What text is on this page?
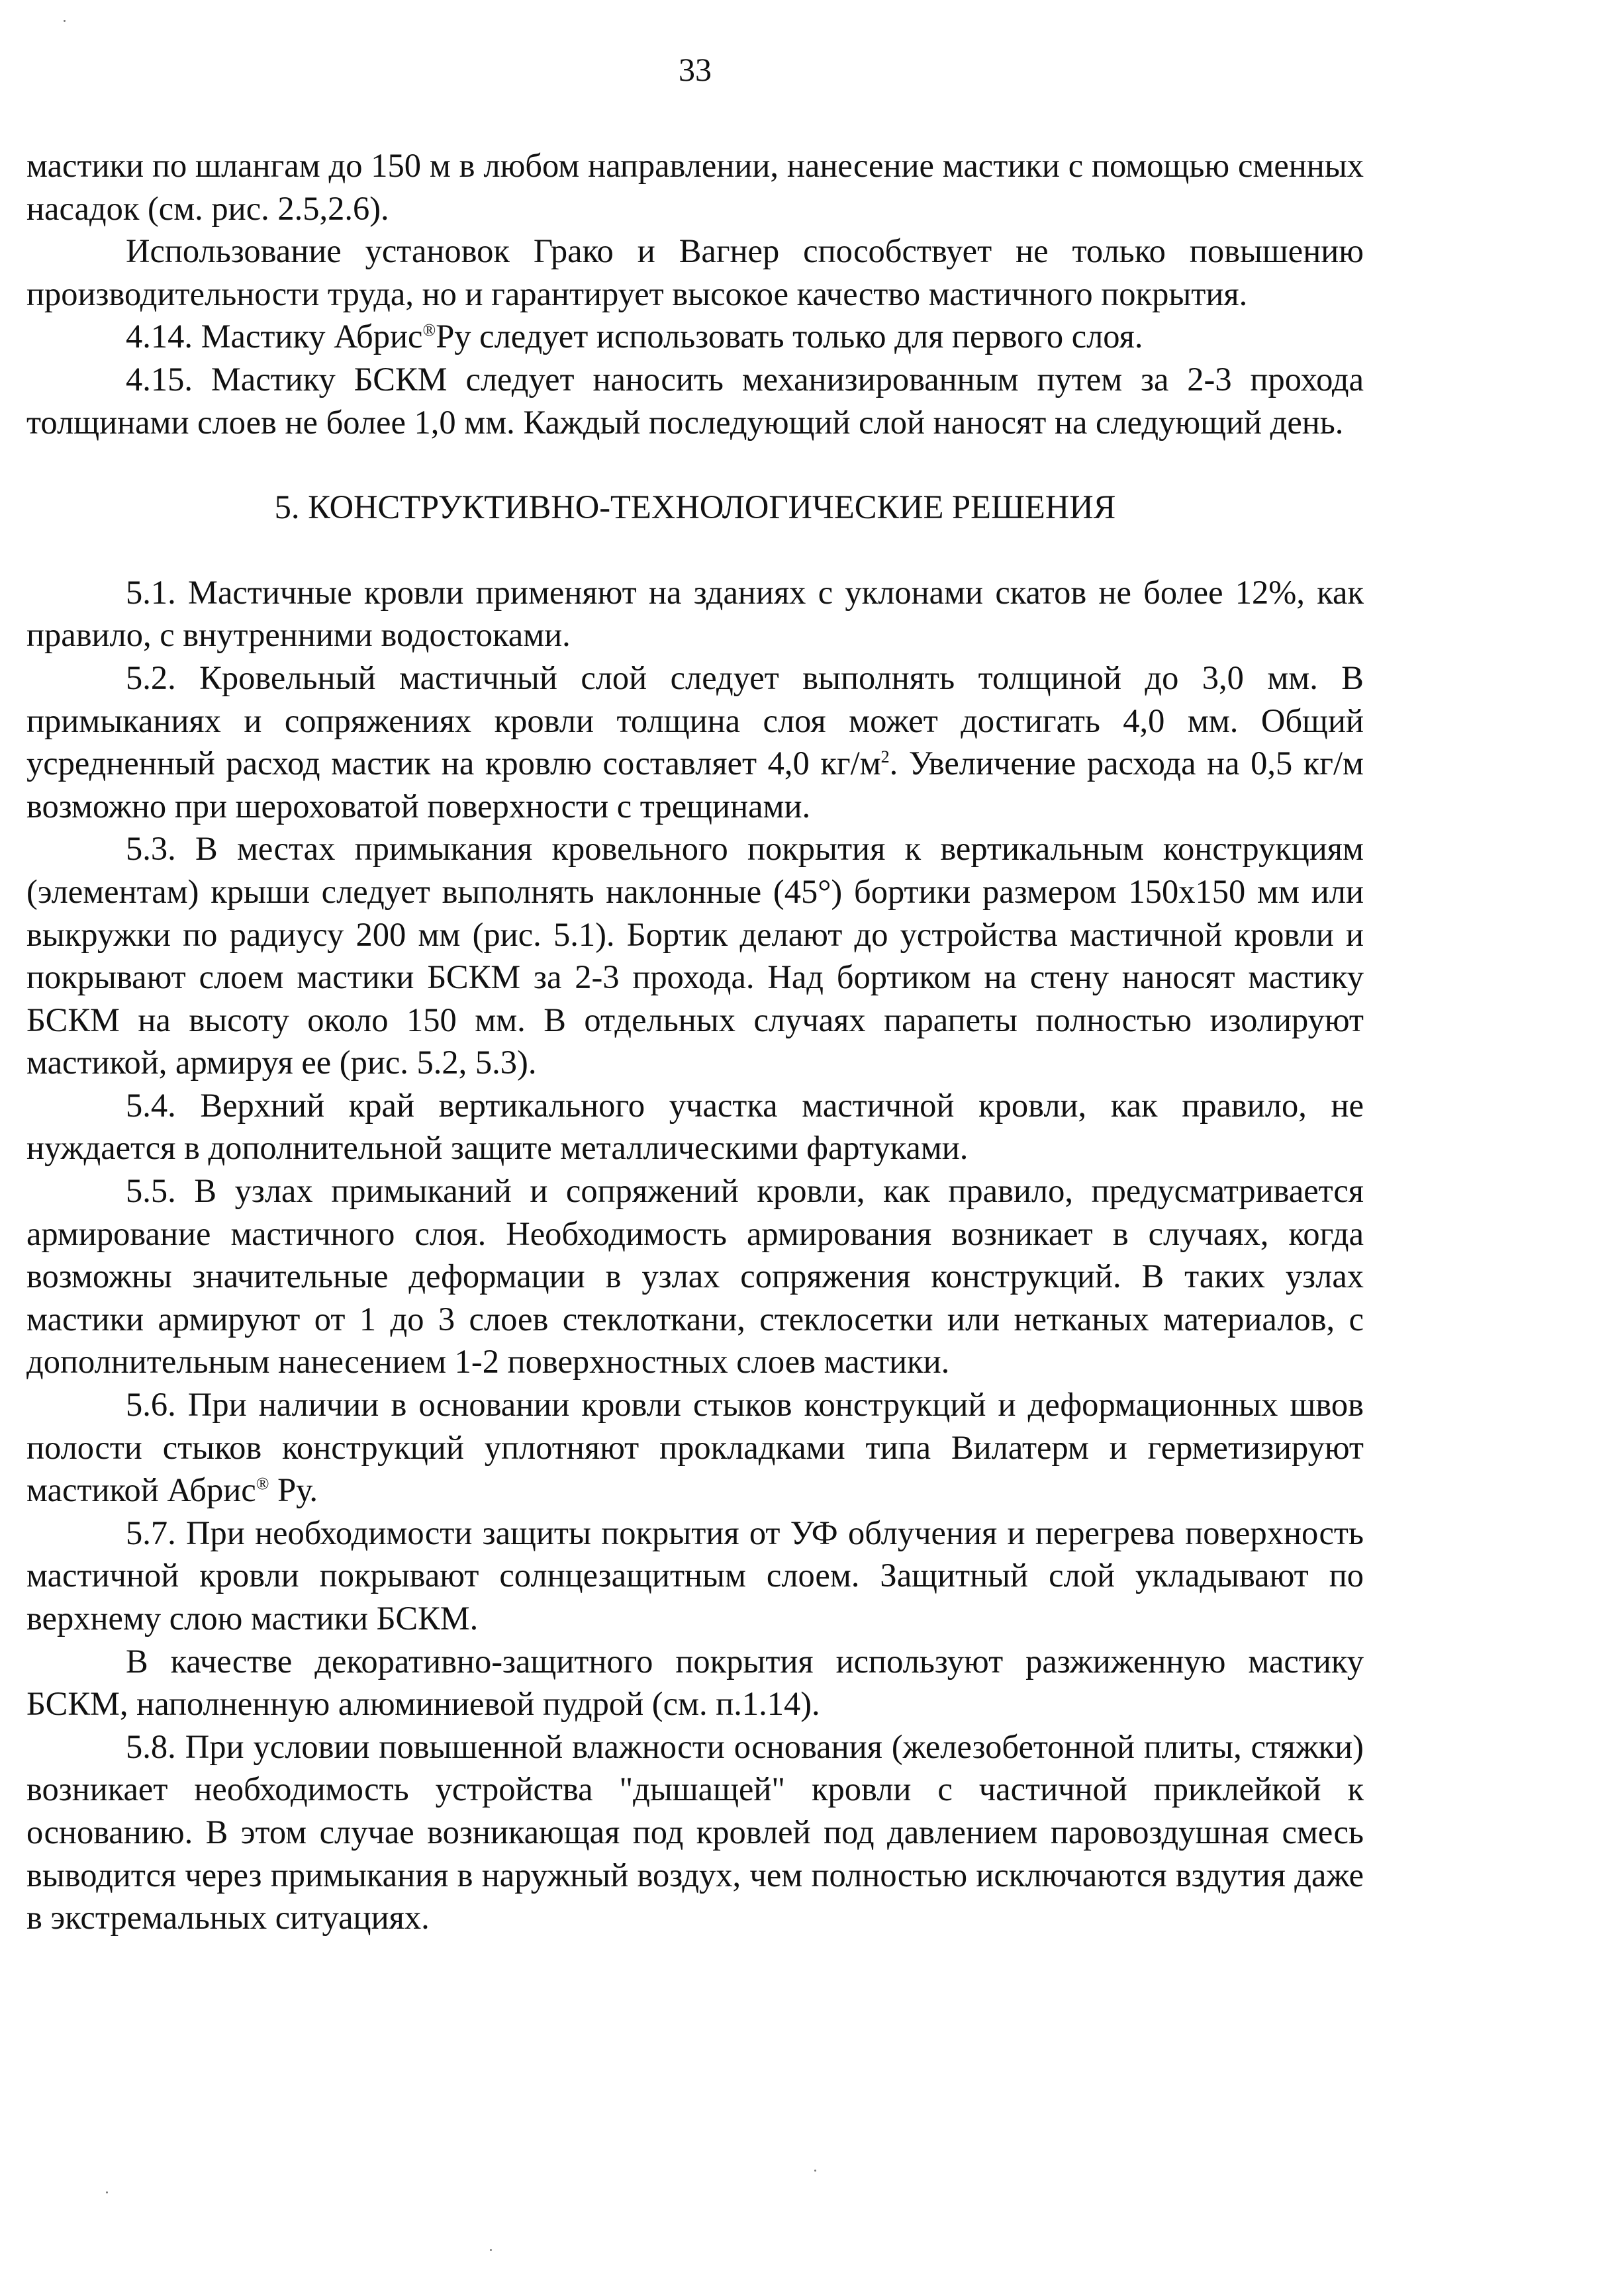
33

мастики по шлангам до 150 м в любом направлении, нанесение мастики с помощью сменных насадок (см. рис. 2.5,2.6).

Использование установок Грако и Вагнер способствует не только повышению производительности труда, но и гарантирует высокое качество мастичного покрытия.

4.14. Мастику Абрис®Ру следует использовать только для первого слоя.

4.15. Мастику БСКМ следует наносить механизированным путем за 2-3 прохода толщинами слоев не более 1,0 мм. Каждый последующий слой наносят на следующий день.

5. КОНСТРУКТИВНО-ТЕХНОЛОГИЧЕСКИЕ РЕШЕНИЯ

5.1. Мастичные кровли применяют на зданиях с уклонами скатов не более 12%, как правило, с внутренними водостоками.

5.2. Кровельный мастичный слой следует выполнять толщиной до 3,0 мм. В примыканиях и сопряжениях кровли толщина слоя может достигать 4,0 мм. Общий усредненный расход мастик на кровлю составляет 4,0 $кг/м^2$. Увеличение расхода на 0,5 кг/м возможно при шероховатой поверхности с трещинами.

5.3. В местах примыкания кровельного покрытия к вертикальным конструкциям (элементам) крыши следует выполнять наклонные (45°) бортики размером 150х150 мм или выкружки по радиусу 200 мм (рис. 5.1). Бортик делают до устройства мастичной кровли и покрывают слоем мастики БСКМ за 2-3 прохода. Над бортиком на стену наносят мастику БСКМ на высоту около 150 мм. В отдельных случаях парапеты полностью изолируют мастикой, армируя ее (рис. 5.2, 5.3).

5.4. Верхний край вертикального участка мастичной кровли, как правило, не нуждается в дополнительной защите металлическими фартуками.

5.5. В узлах примыканий и сопряжений кровли, как правило, предусматривается армирование мастичного слоя. Необходимость армирования возникает в случаях, когда возможны значительные деформации в узлах сопряжения конструкций. В таких узлах мастики армируют от 1 до 3 слоев стеклоткани, стеклосетки или нетканых материалов, с дополнительным нанесением 1-2 поверхностных слоев мастики.

5.6. При наличии в основании кровли стыков конструкций и деформационных швов полости стыков конструкций уплотняют прокладками типа Вилатерм и герметизируют мастикой Абрис® Ру.

5.7. При необходимости защиты покрытия от УФ облучения и перегрева поверхность мастичной кровли покрывают солнцезащитным слоем. Защитный слой укладывают по верхнему слою мастики БСКМ.

В качестве декоративно-защитного покрытия используют разжиженную мастику БСКМ, наполненную алюминиевой пудрой (см. п.1.14).

5.8. При условии повышенной влажности основания (железобетонной плиты, стяжки) возникает необходимость устройства "дышащей" кровли с частичной приклейкой к основанию. В этом случае возникающая под кровлей под давлением паровоздушная смесь выводится через примыкания в наружный воздух, чем полностью исключаются вздутия даже в экстремальных ситуациях.
